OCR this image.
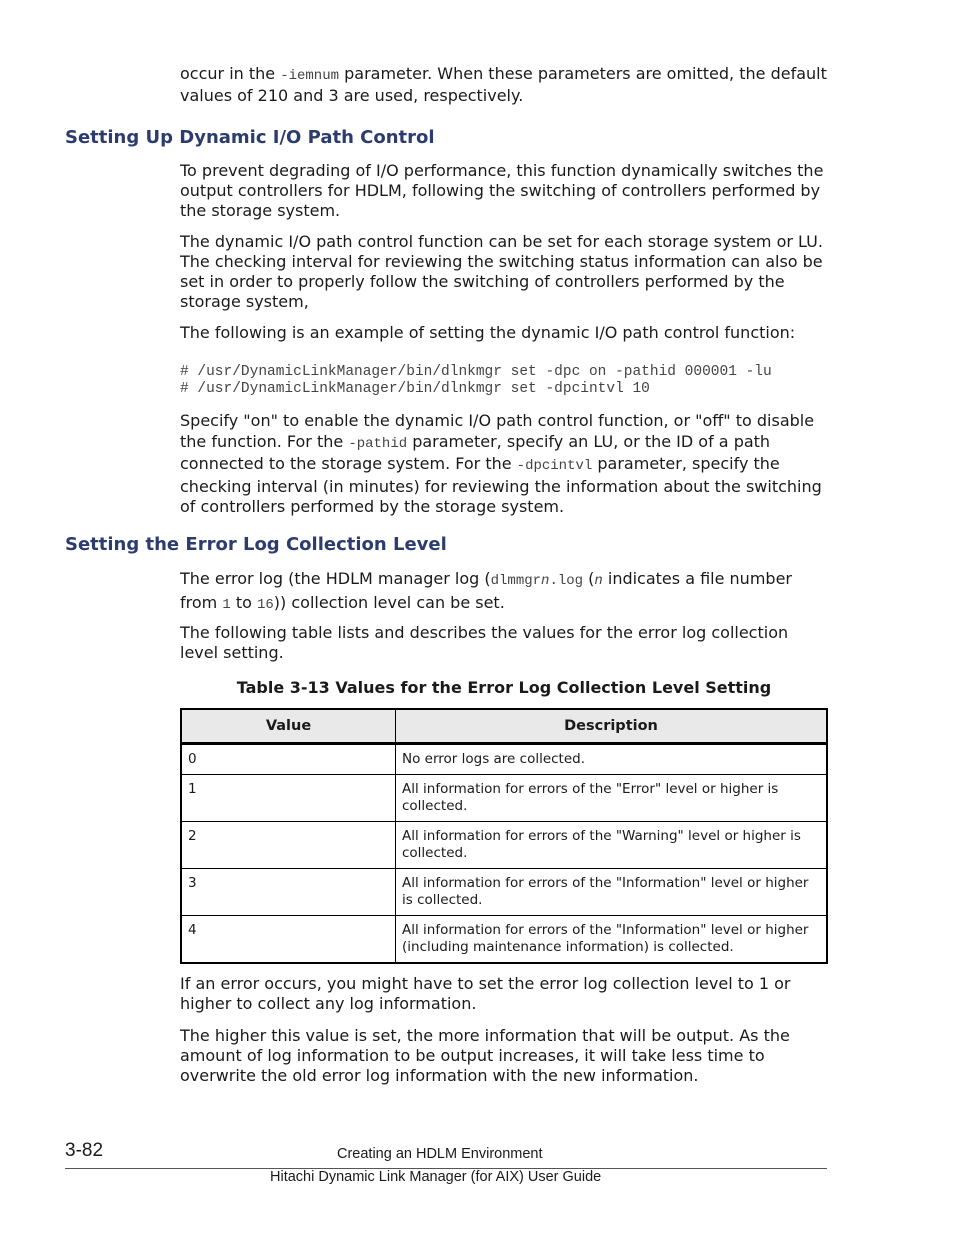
occur in the -iemnum parameter. When these parameters are omitted, the default values of 210 and 3 are used, respectively.

Setting Up Dynamic I/O Path Control

To prevent degrading of I/O performance, this function dynamically switches the output controllers for HDLM, following the switching of controllers performed by the storage system.

The dynamic I/O path control function can be set for each storage system or LU. The checking interval for reviewing the switching status information can also be set in order to properly follow the switching of controllers performed by the storage system,

The following is an example of setting the dynamic I/O path control function:

# /usr/DynamicLinkManager/bin/dlnkmgr set -dpc on -pathid 000001 -lu
# /usr/DynamicLinkManager/bin/dlnkmgr set -dpcintvl 10

Specify "on" to enable the dynamic I/O path control function, or "off" to disable the function. For the -pathid parameter, specify an LU, or the ID of a path connected to the storage system. For the -dpcintvl parameter, specify the checking interval (in minutes) for reviewing the information about the switching of controllers performed by the storage system.

Setting the Error Log Collection Level

The error log (the HDLM manager log (dlmmgrn.log (n indicates a file number from 1 to 16)) collection level can be set.

The following table lists and describes the values for the error log collection level setting.

Table 3-13 Values for the Error Log Collection Level Setting

Value	Description
0	No error logs are collected.
1	All information for errors of the "Error" level or higher is collected.
2	All information for errors of the "Warning" level or higher is collected.
3	All information for errors of the "Information" level or higher is collected.
4	All information for errors of the "Information" level or higher (including maintenance information) is collected.

If an error occurs, you might have to set the error log collection level to 1 or higher to collect any log information.

The higher this value is set, the more information that will be output. As the amount of log information to be output increases, it will take less time to overwrite the old error log information with the new information.

3-82	Creating an HDLM Environment
Hitachi Dynamic Link Manager (for AIX) User Guide
